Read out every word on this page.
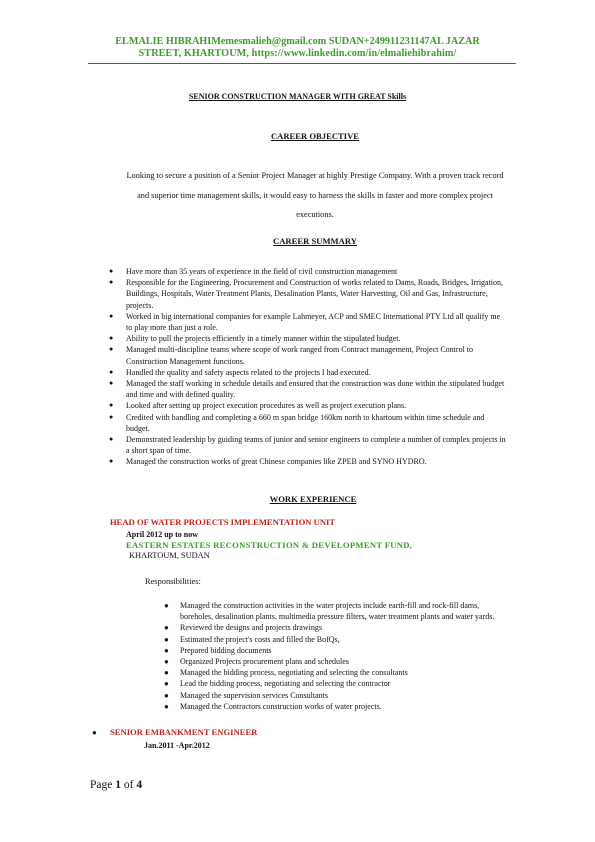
ELMALIE HIBRAHIMemesmalieh@gmail.com SUDAN+249911231147AL JAZAR
STREET, KHARTOUM, https://www.linkedin.com/in/elmaliehibrahim/
SENIOR CONSTRUCTION MANAGER WITH GREAT Skills
CAREER OBJECTIVE
Looking to secure a position of a Senior Project Manager at highly Prestige Company. With a proven track record and superior time management skills, it would easy to harness the skills in faster and more complex project executions.
CAREER SUMMARY
● Have more than 35 years of experience in the field of civil construction management
● Responsible for the Engineering, Procurement and Construction of works related to Dams, Roads, Bridges, Irrigation, Buildings, Hospitals, Water Treatment Plants, Desalination Plants, Water Harvesting, Oil and Gas, Infrastructure, projects.
● Worked in big international companies for example Lahmeyer, ACP and SMEC International PTY Ltd all qualify me to play more than just a role.
● Ability to pull the projects efficiently in a timely manner within the stipulated budget.
● Managed multi-discipline teams where scope of work ranged from Contract management, Project Control to Construction Management functions.
● Handled the quality and safety aspects related to the projects I had executed.
● Managed the staff working in schedule details and ensured that the construction was done within the stipulated budget and time and with defined quality.
● Looked after setting up project execution procedures as well as project execution plans.
● Credited with handling and completing a 660 m span bridge 160km north to khartoum within time schedule and budget.
● Demonstrated leadership by guiding teams of junior and senior engineers to complete a number of complex projects in a short span of time.
● Managed the construction works of great Chinese companies like ZPEB and SYNO HYDRO.
WORK EXPERIENCE
HEAD OF WATER PROJECTS IMPLEMENTATION UNIT
April 2012 up to now
EASTERN ESTATES RECONSTRUCTION & DEVELOPMENT FUND,
KHARTOUM, SUDAN
Responsibilities:
● Managed the construction activities in the water projects include earth-fill and rock-fill dams, boreholes, desalination plants, multimedia pressure filters, water treatment plants and water yards.
● Reviewed the designs and projects drawings
● Estimated the project's costs and filled the BofQs,
● Prepared bidding documents
● Organized Projects procurement plans and schedules
● Managed the bidding process, negotiating and selecting the consultants
● Lead the bidding process, negotiating and selecting the contractor
● Managed the supervision services Consultants
● Managed the Contractors construction works of water projects.
● SENIOR EMBANKMENT ENGINEER
Jan.2011 -Apr.2012
Page 1 of 4
